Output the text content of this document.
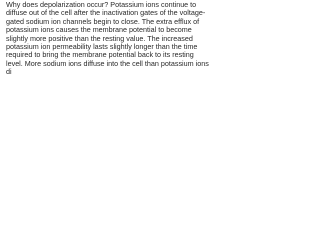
Why does depolarization occur? Potassium ions continue to diffuse out of the cell after the inactivation gates of the voltage-gated sodium ion channels begin to close. The extra efflux of potassium ions causes the membrane potential to become slightly more positive than the resting value. The increased potassium ion permeability lasts slightly longer than the time required to bring the membrane potential back to its resting level. More sodium ions diffuse into the cell than potassium ions di
